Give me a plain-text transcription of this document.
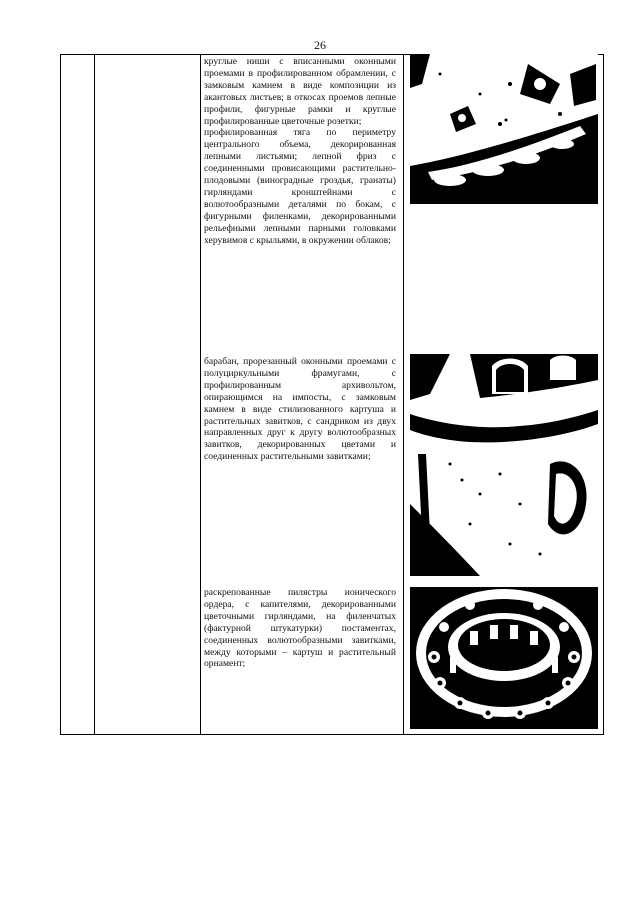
26

круглые ниши с вписанными оконными проемами в профилированном обрамлении, с замковым камнем в виде композиции из акантовых листьев; в откосах проемов лепные профили, фигурные рамки и круглые профилированные цветочные розетки;

профилированная тяга по периметру центрального объема, декорированная лепными листьями; лепной фриз с соединенными провисающими растительно-плодовыми (виноградные гроздья, гранаты) гирляндами кронштейнами с волютообразными деталями по бокам, с фигурными филенками, декорированными рельефными лепными парными головками херувимов с крыльями, в окружении облаков;

барабан, прорезанный оконными проемами с полуциркульными фрамугами, с профилированным архивольтом, опирающимся на импосты, с замковым камнем в виде стилизованного картуша и растительных завитков, с сандриком из двух направленных друг к другу волютообразных завитков, декорированных цветами и соединенных растительными завитками;

раскрепованные пилястры ионического ордера, с капителями, декорированными цветочными гирляндами, на филенчатых (фактурной штукатурки) постаментах, соединенных волютообразными завитками, между которыми – картуш и растительный орнамент;
